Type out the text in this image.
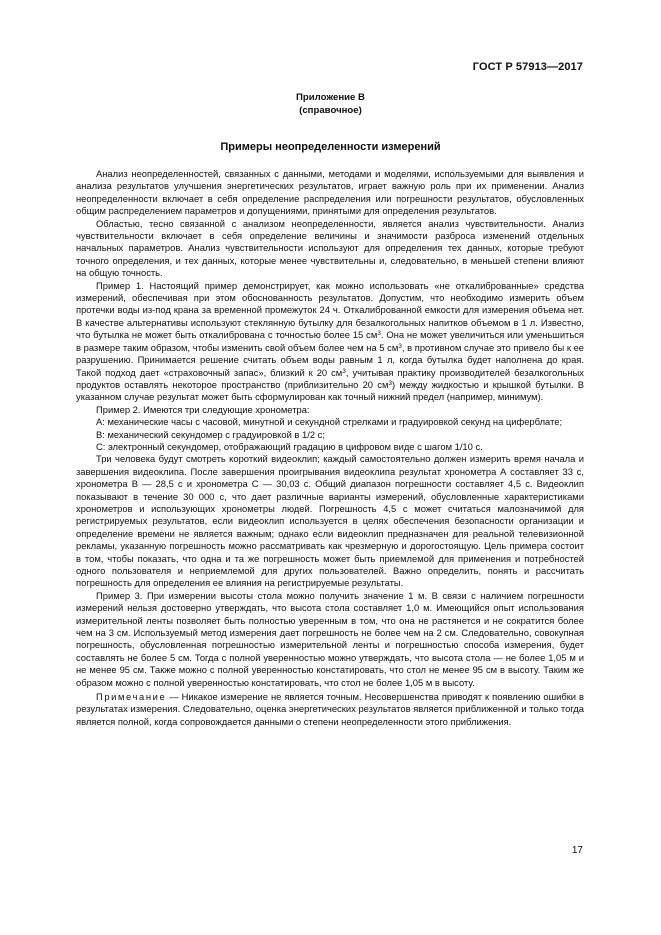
ГОСТ Р 57913—2017
Приложение В
(справочное)
Примеры неопределенности измерений

Анализ неопределенностей, связанных с данными, методами и моделями, используемыми для выявления и анализа результатов улучшения энергетических результатов, играет важную роль при их применении. Анализ неопределенности включает в себя определение распределения или погрешности результатов, обусловленных общим распределением параметров и допущениями, принятыми для определения результатов.

Областью, тесно связанной с анализом неопределенности, является анализ чувствительности. Анализ чувствительности включает в себя определение величины и значимости разброса изменений отдельных начальных параметров. Анализ чувствительности используют для определения тех данных, которые требуют точного определения, и тех данных, которые менее чувствительны и, следовательно, в меньшей степени влияют на общую точность.

Пример 1. Настоящий пример демонстрирует, как можно использовать «не откалиброванные» средства измерений, обеспечивая при этом обоснованность результатов. Допустим, что необходимо измерить объем протечки воды из-под крана за временной промежуток 24 ч. Откалиброванной емкости для измерения объема нет. В качестве альтернативы используют стеклянную бутылку для безалкогольных напитков объемом в 1 л. Известно, что бутылка не может быть откалибрована с точностью более 15 $см^3$. Она не может увеличиться или уменьшиться в размере таким образом, чтобы изменить свой объем более чем на 5 $см^3$, в противном случае это привело бы к ее разрушению. Принимается решение считать объем воды равным 1 л, когда бутылка будет наполнена до края. Такой подход дает «страховочный запас», близкий к 20 $см^3$, учитывая практику производителей безалкогольных продуктов оставлять некоторое пространство (приблизительно 20 $см^3$) между жидкостью и крышкой бутылки. В указанном случае результат может быть сформулирован как точный нижний предел (например, минимум).

Пример 2. Имеются три следующие хронометра:

А: механические часы с часовой, минутной и секундной стрелками и градуировкой секунд на циферблате;

В: механический секундомер с градуировкой в 1/2 с;

С: электронный секундомер, отображающий градацию в цифровом виде с шагом 1/10 с.

Три человека будут смотреть короткий видеоклип; каждый самостоятельно должен измерить время начала и завершения видеоклипа. После завершения проигрывания видеоклипа результат хронометра А составляет 33 с, хронометра В — 28,5 с и хронометра С — 30,03 с. Общий диапазон погрешности составляет 4,5 с. Видеоклип показывают в течение 30 000 с, что дает различные варианты измерений, обусловленные характеристиками хронометров и использующих хронометры людей. Погрешность 4,5 с может считаться малозначимой для регистрируемых результатов, если видеоклип используется в целях обеспечения безопасности организации и определение времени не является важным; однако если видеоклип предназначен для реальной телевизионной рекламы, указанную погрешность можно рассматривать как чрезмерную и дорогостоящую. Цель примера состоит в том, чтобы показать, что одна и та же погрешность может быть приемлемой для применения и потребностей одного пользователя и неприемлемой для других пользователей. Важно определить, понять и рассчитать погрешность для определения ее влияния на регистрируемые результаты.

Пример 3. При измерении высоты стола можно получить значение 1 м. В связи с наличием погрешности измерений нельзя достоверно утверждать, что высота стола составляет 1,0 м. Имеющийся опыт использования измерительной ленты позволяет быть полностью уверенным в том, что она не растянется и не сократится более чем на 3 см. Используемый метод измерения дает погрешность не более чем на 2 см. Следовательно, совокупная погрешность, обусловленная погрешностью измерительной ленты и погрешностью способа измерения, будет составлять не более 5 см. Тогда с полной уверенностью можно утверждать, что высота стола — не более 1,05 м и не менее 95 см. Также можно с полной уверенностью констатировать, что стол не менее 95 см в высоту. Таким же образом можно с полной уверенностью констатировать, что стол не более 1,05 м в высоту.

Примечание — Никакое измерение не является точным. Несовершенства приводят к появлению ошибки в результатах измерения. Следовательно, оценка энергетических результатов является приближенной и только тогда является полной, когда сопровождается данными о степени неопределенности этого приближения.

17
